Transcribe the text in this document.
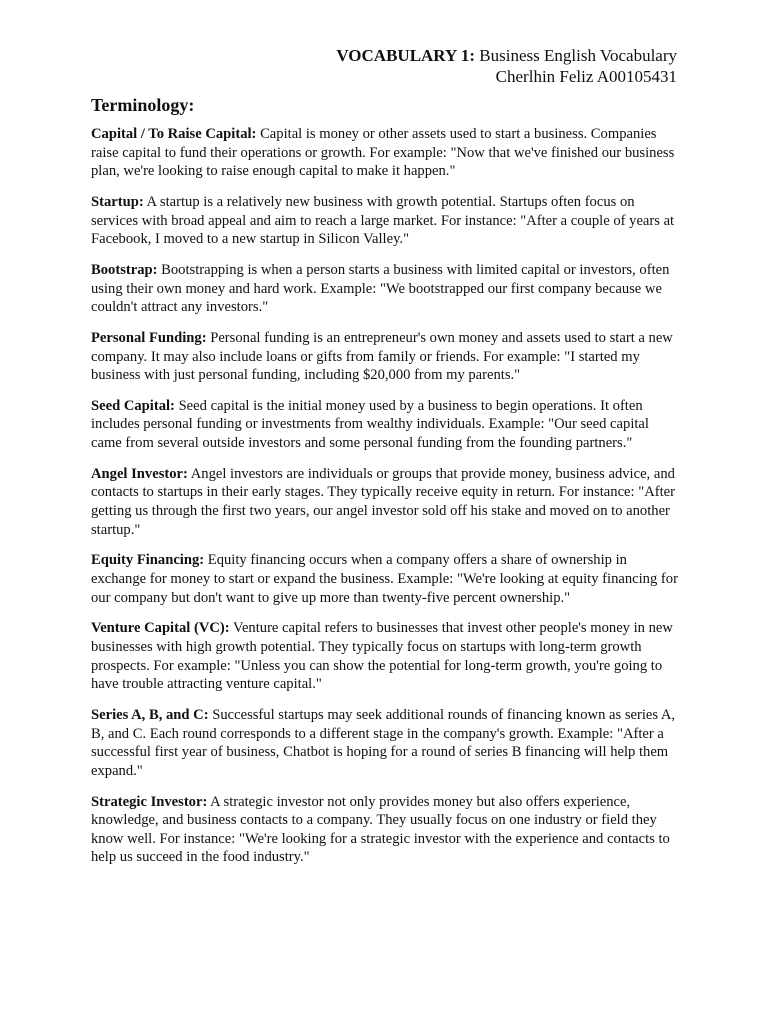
VOCABULARY 1: Business English Vocabulary
Cherlhin Feliz A00105431
Terminology:

Capital / To Raise Capital: Capital is money or other assets used to start a business. Companies raise capital to fund their operations or growth. For example: "Now that we've finished our business plan, we're looking to raise enough capital to make it happen."

Startup: A startup is a relatively new business with growth potential. Startups often focus on services with broad appeal and aim to reach a large market. For instance: "After a couple of years at Facebook, I moved to a new startup in Silicon Valley."

Bootstrap: Bootstrapping is when a person starts a business with limited capital or investors, often using their own money and hard work. Example: "We bootstrapped our first company because we couldn't attract any investors."

Personal Funding: Personal funding is an entrepreneur's own money and assets used to start a new company. It may also include loans or gifts from family or friends. For example: "I started my business with just personal funding, including $20,000 from my parents."

Seed Capital: Seed capital is the initial money used by a business to begin operations. It often includes personal funding or investments from wealthy individuals. Example: "Our seed capital came from several outside investors and some personal funding from the founding partners."

Angel Investor: Angel investors are individuals or groups that provide money, business advice, and contacts to startups in their early stages. They typically receive equity in return. For instance: "After getting us through the first two years, our angel investor sold off his stake and moved on to another startup."

Equity Financing: Equity financing occurs when a company offers a share of ownership in exchange for money to start or expand the business. Example: "We're looking at equity financing for our company but don't want to give up more than twenty-five percent ownership."

Venture Capital (VC): Venture capital refers to businesses that invest other people's money in new businesses with high growth potential. They typically focus on startups with long-term growth prospects. For example: "Unless you can show the potential for long-term growth, you're going to have trouble attracting venture capital."

Series A, B, and C: Successful startups may seek additional rounds of financing known as series A, B, and C. Each round corresponds to a different stage in the company's growth. Example: "After a successful first year of business, Chatbot is hoping for a round of series B financing will help them expand."

Strategic Investor: A strategic investor not only provides money but also offers experience, knowledge, and business contacts to a company. They usually focus on one industry or field they know well. For instance: "We're looking for a strategic investor with the experience and contacts to help us succeed in the food industry."
